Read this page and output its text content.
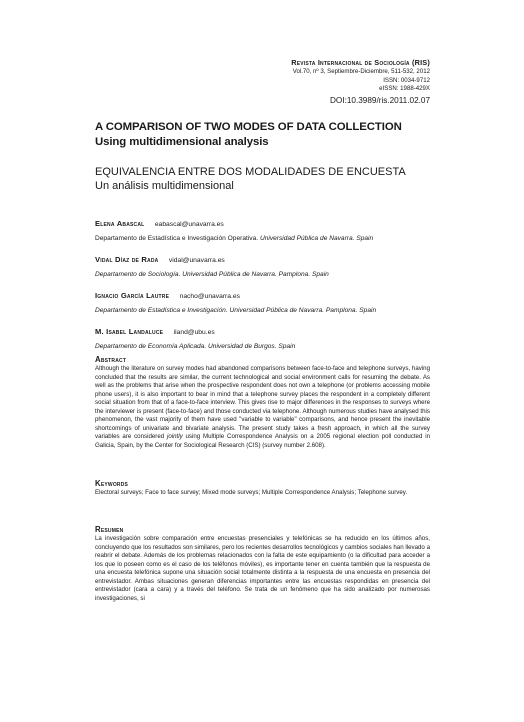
Revista Internacional de Sociología (RIS)
Vol.70, nº 3, Septiembre-Diciembre, 511-532, 2012
ISSN: 0034-9712
eISSN: 1988-429X
DOI:10.3989/ris.2011.02.07
A COMPARISON OF TWO MODES OF DATA COLLECTION
Using multidimensional analysis
EQUIVALENCIA ENTRE DOS MODALIDADES DE ENCUESTA
Un análisis multidimensional
Elena Abascal eabascal@unavarra.es
Departamento de Estadística e Investigación Operativa. Universidad Pública de Navarra. Spain
Vidal Díaz de Rada vidal@unavarra.es
Departamento de Sociología. Universidad Pública de Navarra. Pamplona. Spain
Ignacio García Lautre nacho@unavarra.es
Departamento de Estadística e Investigación. Universidad Pública de Navarra. Pamplona. Spain
M. Isabel Landaluce iland@ubu.es
Departamento de Economía Aplicada. Universidad de Burgos. Spain
Abstract
Although the literature on survey modes had abandoned comparisons between face-to-face and telephone surveys, having concluded that the results are similar, the current technological and social environment calls for resuming the debate. As well as the problems that arise when the prospective respondent does not own a telephone (or problems accessing mobile phone users), it is also important to bear in mind that a telephone survey places the respondent in a completely different social situation from that of a face-to-face interview. This gives rise to major differences in the responses to surveys where the interviewer is present (face-to-face) and those conducted via telephone. Although numerous studies have analysed this phenomenon, the vast majority of them have used "variable to variable" comparisons, and hence present the inevitable shortcomings of univariate and bivariate analysis. The present study takes a fresh approach, in which all the survey variables are considered jointly using Multiple Correspondence Analysis on a 2005 regional election poll conducted in Galicia, Spain, by the Center for Sociological Research (CIS) (survey number 2.608).
Keywords
Electoral surveys; Face to face survey; Mixed mode surveys; Multiple Correspondence Analysis; Telephone survey.
Resumen
La investigación sobre comparación entre encuestas presenciales y telefónicas se ha reducido en los últimos años, concluyendo que los resultados son similares, pero los recientes desarrollos tecnológicos y cambios sociales han llevado a reabrir el debate. Además de los problemas relacionados con la falta de este equipamiento (o la dificultad para acceder a los que lo poseen como es el caso de los teléfonos móviles), es importante tener en cuenta también que la respuesta de una encuesta telefónica supone una situación social totalmente distinta a la respuesta de una encuesta en presencia del entrevistador. Ambas situaciones generan diferencias importantes entre las encuestas respondidas en presencia del entrevistador (cara a cara) y a través del teléfono. Se trata de un fenómeno que ha sido analizado por numerosas investigaciones, si
